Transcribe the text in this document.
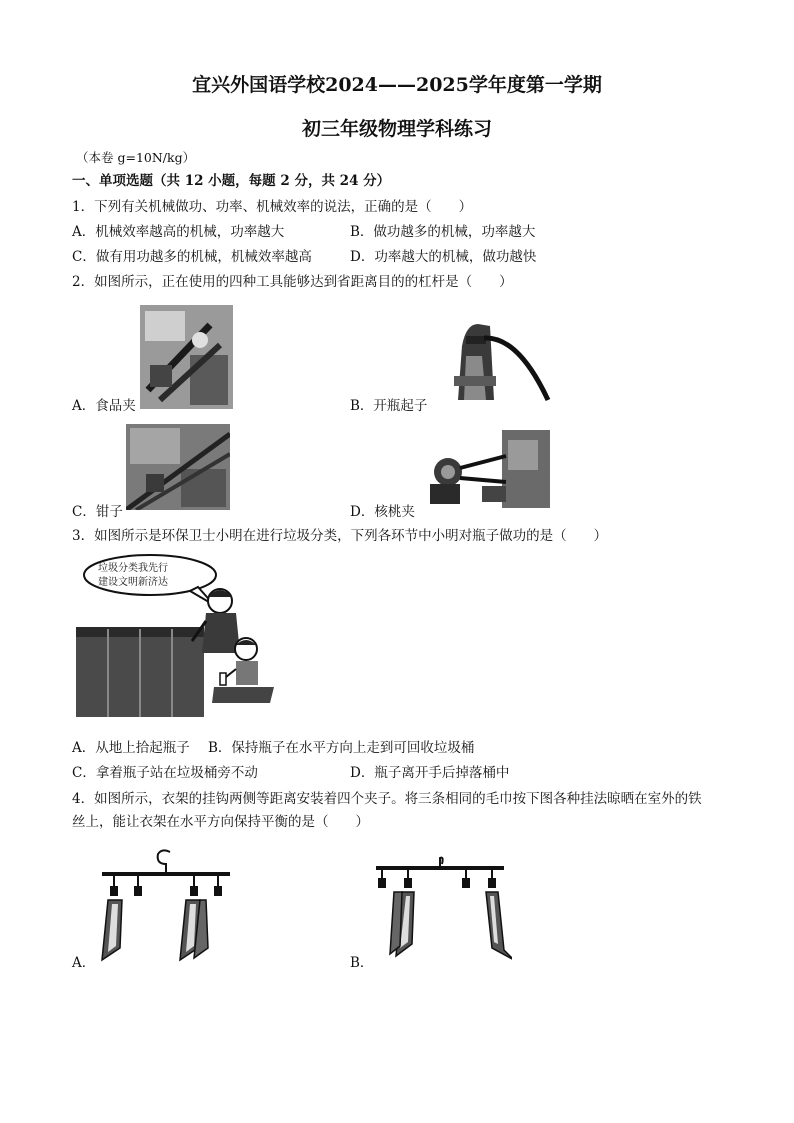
宜兴外国语学校2024——2025学年度第一学期
初三年级物理学科练习
（本卷 g=10N/kg）
一、单项选题（共 12 小题，每题 2 分，共 24 分）
1．下列有关机械做功、功率、机械效率的说法，正确的是（　　）
A．机械效率越高的机械，功率越大	B．做功越多的机械，功率越大
C．做有用功越多的机械，机械效率越高	D．功率越大的机械，做功越快
2．如图所示，正在使用的四种工具能够达到省距离目的的杠杆是（　　）
A．食品夹	B．开瓶起子
C．钳子	D．核桃夹
3．如图所示是环保卫士小明在进行垃圾分类，下列各环节中小明对瓶子做功的是（　　）
垃圾分类我先行
建设文明新济达
A．从地上拾起瓶子 B．保持瓶子在水平方向上走到可回收垃圾桶
C．拿着瓶子站在垃圾桶旁不动	D．瓶子离开手后掉落桶中
4．如图所示，衣架的挂钩两侧等距离安装着四个夹子。将三条相同的毛巾按下图各种挂法晾晒在室外的铁
丝上，能让衣架在水平方向保持平衡的是（　　）
A．	B．
